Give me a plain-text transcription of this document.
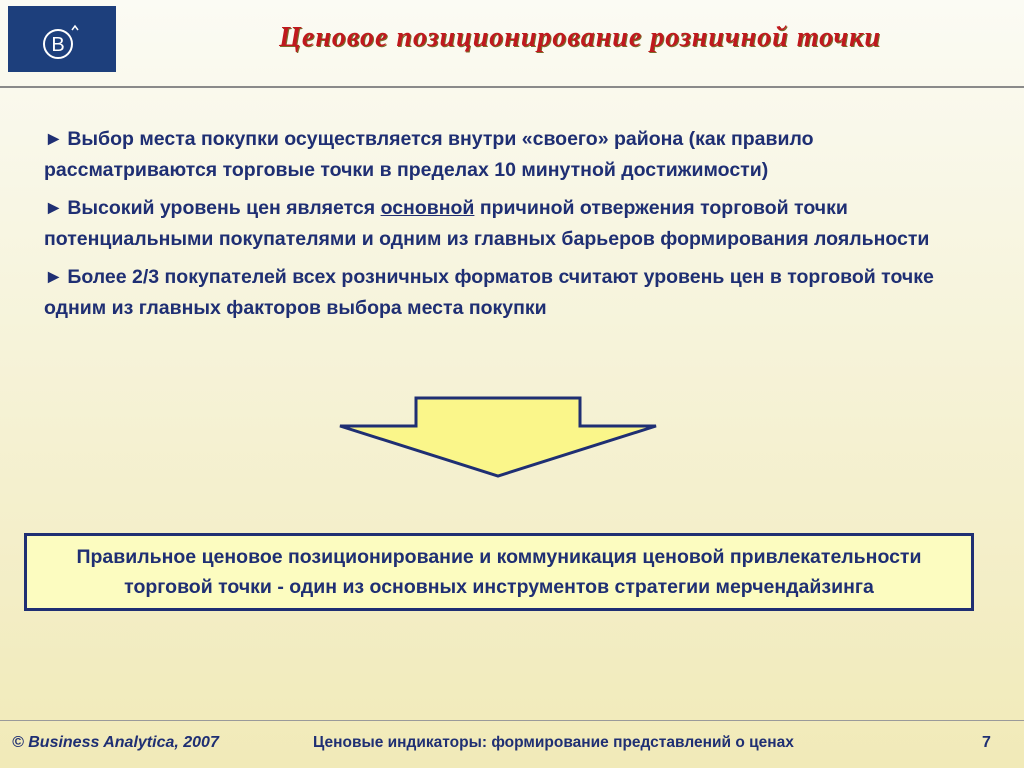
B	Ценовое позиционирование розничной точки
► Выбор места покупки осуществляется внутри «своего» района (как правило рассматриваются торговые точки в пределах 10 минутной достижимости)
► Высокий уровень цен является основной причиной отвержения торговой точки потенциальными покупателями и одним из главных барьеров формирования лояльности
► Более 2/3 покупателей всех розничных форматов считают уровень цен в торговой точке одним из главных факторов выбора места покупки
Правильное ценовое позиционирование и коммуникация ценовой привлекательности
торговой точки - один из основных инструментов стратегии мерчендайзинга
© Business Analytica, 2007	Ценовые индикаторы: формирование представлений о ценах	7
